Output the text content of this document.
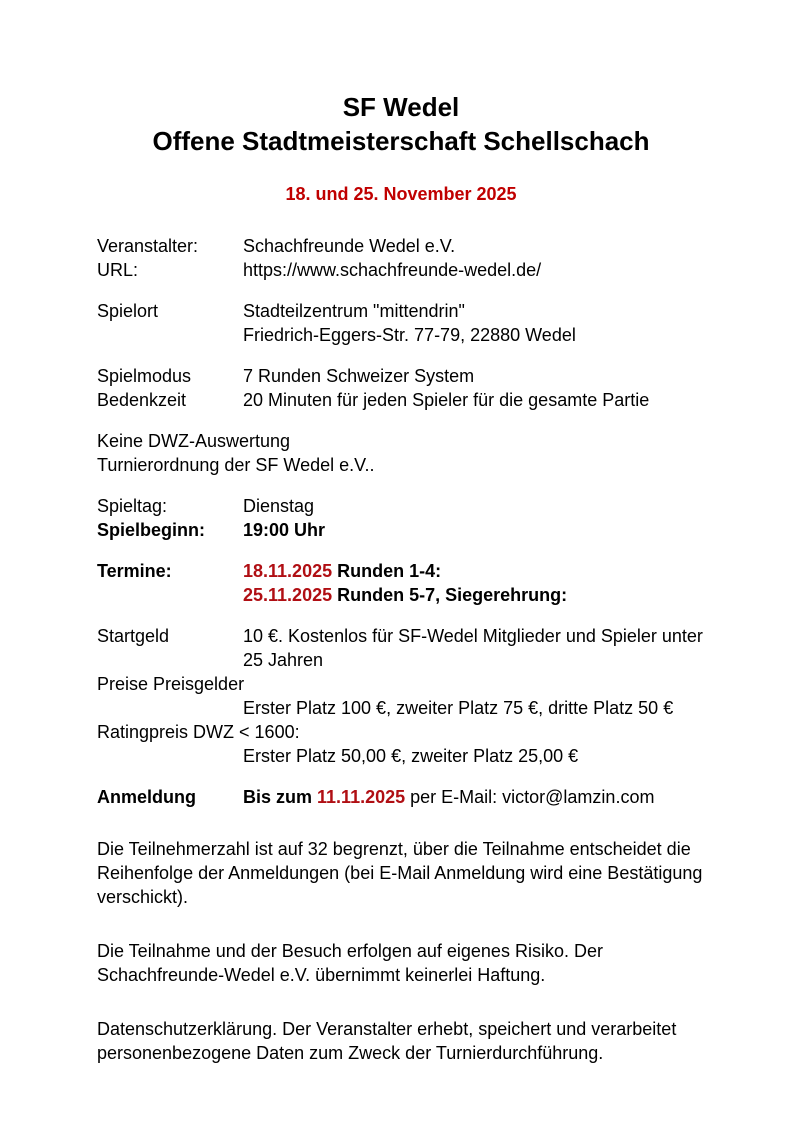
SF Wedel
Offene Stadtmeisterschaft Schellschach
18. und 25. November 2025
Veranstalter:	Schachfreunde Wedel e.V.
URL:	https://www.schachfreunde-wedel.de/
Spielort	Stadteilzentrum "mittendrin"
Friedrich-Eggers-Str. 77-79, 22880 Wedel
Spielmodus	7 Runden Schweizer System
Bedenkzeit	20 Minuten für jeden Spieler für die gesamte Partie
Keine DWZ-Auswertung
Turnierordnung der SF Wedel e.V..
Spieltag:	Dienstag
Spielbeginn:	19:00 Uhr
Termine:	18.11.2025 Runden 1-4:
25.11.2025 Runden 5-7, Siegerehrung:
Startgeld	10 €. Kostenlos für SF-Wedel Mitglieder und Spieler unter 25 Jahren
Preise Preisgelder
Erster Platz 100 €, zweiter Platz 75 €, dritte Platz 50 €
Ratingpreis DWZ < 1600:
Erster Platz 50,00 €, zweiter Platz 25,00 €
Anmeldung	Bis zum 11.11.2025 per E-Mail: victor@lamzin.com
Die Teilnehmerzahl ist auf 32 begrenzt, über die Teilnahme entscheidet die Reihenfolge der Anmeldungen (bei E-Mail Anmeldung wird eine Bestätigung verschickt).
Die Teilnahme und der Besuch erfolgen auf eigenes Risiko. Der Schachfreunde-Wedel e.V. übernimmt keinerlei Haftung.
Datenschutzerklärung. Der Veranstalter erhebt, speichert und verarbeitet personenbezogene Daten zum Zweck der Turnierdurchführung.
